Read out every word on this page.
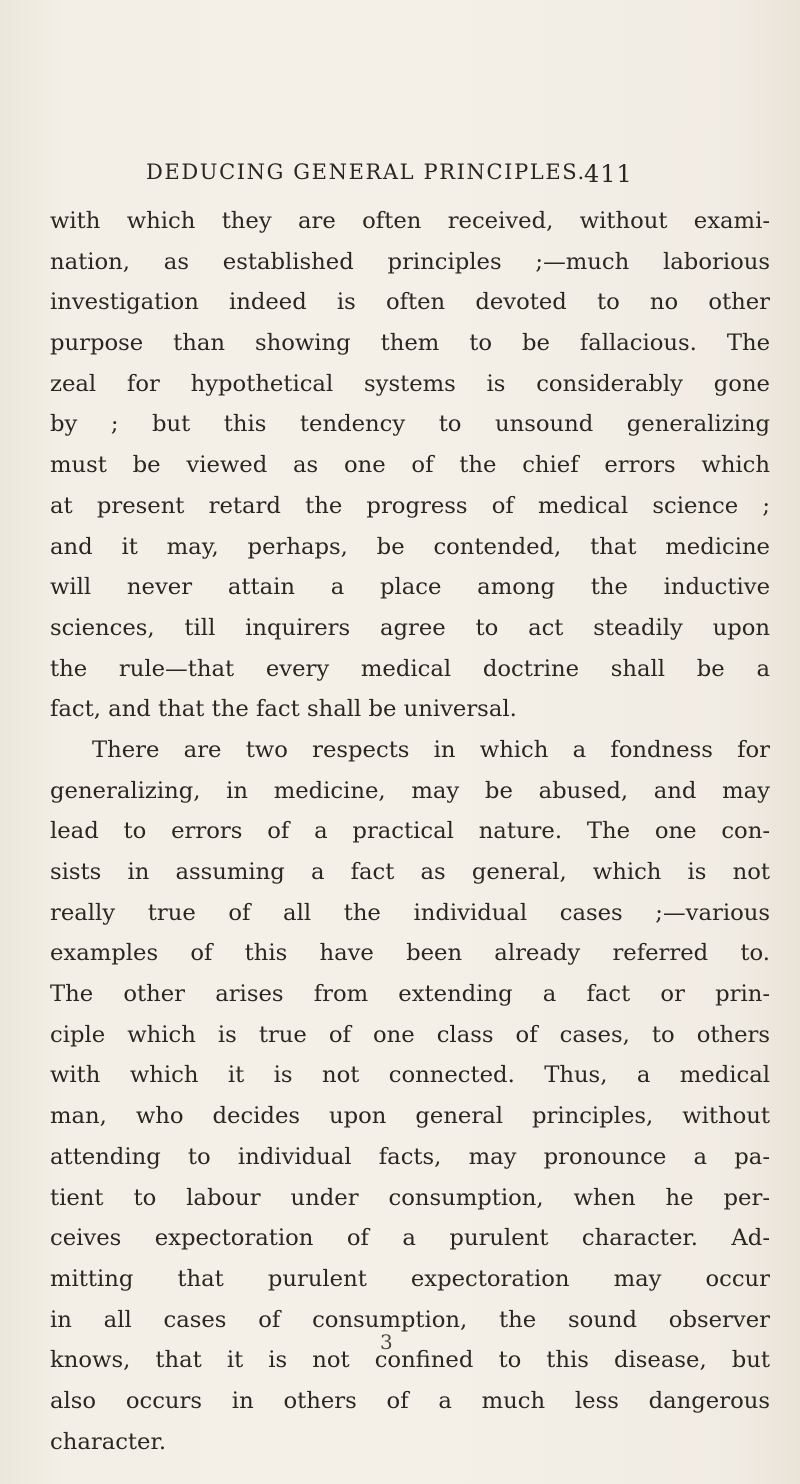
DEDUCING GENERAL PRINCIPLES.
411
with which they are often received, without exami-
nation, as established principles ;—much laborious
investigation indeed is often devoted to no other
purpose than showing them to be fallacious. The
zeal for hypothetical systems is considerably gone
by ; but this tendency to unsound generalizing
must be viewed as one of the chief errors which
at present retard the progress of medical science ;
and it may, perhaps, be contended, that medicine
will never attain a place among the inductive
sciences, till inquirers agree to act steadily upon
the rule—that every medical doctrine shall be a
fact, and that the fact shall be universal.
There are two respects in which a fondness for
generalizing, in medicine, may be abused, and may
lead to errors of a practical nature. The one con-
sists in assuming a fact as general, which is not
really true of all the individual cases ;—various
examples of this have been already referred to.
The other arises from extending a fact or prin-
ciple which is true of one class of cases, to others
with which it is not connected. Thus, a medical
man, who decides upon general principles, without
attending to individual facts, may pronounce a pa-
tient to labour under consumption, when he per-
ceives expectoration of a purulent character. Ad-
mitting that purulent expectoration may occur
in all cases of consumption, the sound observer
knows, that it is not confined to this disease, but
also occurs in others of a much less dangerous
character.
3
